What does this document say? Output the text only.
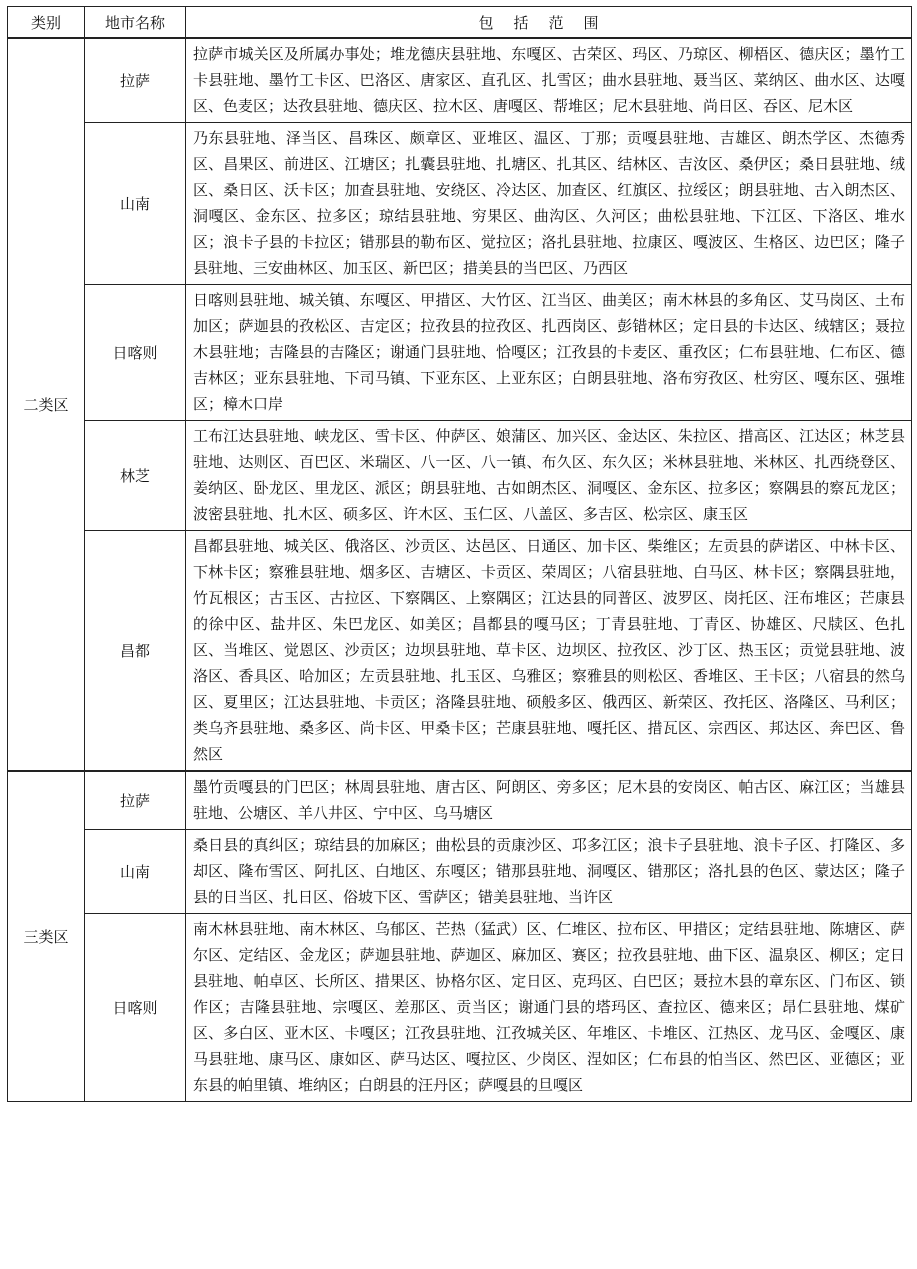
类别	地市名称	包括范围
二类区	拉萨	拉萨市城关区及所属办事处；堆龙德庆县驻地、东嘎区、古荣区、玛区、乃琼区、柳梧区、德庆区；墨竹工卡县驻地、墨竹工卡区、巴洛区、唐家区、直孔区、扎雪区；曲水县驻地、聂当区、菜纳区、曲水区、达嘎区、色麦区；达孜县驻地、德庆区、拉木区、唐嘎区、帮堆区；尼木县驻地、尚日区、吞区、尼木区
	山南	乃东县驻地、泽当区、昌珠区、颇章区、亚堆区、温区、丁那；贡嘎县驻地、吉雄区、朗杰学区、杰德秀区、昌果区、前进区、江塘区；扎囊县驻地、扎塘区、扎其区、结林区、吉汝区、桑伊区；桑日县驻地、绒区、桑日区、沃卡区；加查县驻地、安绕区、冷达区、加查区、红旗区、拉绥区；朗县驻地、古入朗杰区、洞嘎区、金东区、拉多区；琼结县驻地、穷果区、曲沟区、久河区；曲松县驻地、下江区、下洛区、堆水区；浪卡子县的卡拉区；错那县的勒布区、觉拉区；洛扎县驻地、拉康区、嘎波区、生格区、边巴区；隆子县驻地、三安曲林区、加玉区、新巴区；措美县的当巴区、乃西区
	日喀则	日喀则县驻地、城关镇、东嘎区、甲措区、大竹区、江当区、曲美区；南木林县的多角区、艾马岗区、土布加区；萨迦县的孜松区、吉定区；拉孜县的拉孜区、扎西岗区、彭错林区；定日县的卡达区、绒辖区；聂拉木县驻地；吉隆县的吉隆区；谢通门县驻地、恰嘎区；江孜县的卡麦区、重孜区；仁布县驻地、仁布区、德吉林区；亚东县驻地、下司马镇、下亚东区、上亚东区；白朗县驻地、洛布穷孜区、杜穷区、嘎东区、强堆区；樟木口岸
	林芝	工布江达县驻地、峡龙区、雪卡区、仲萨区、娘蒲区、加兴区、金达区、朱拉区、措高区、江达区；林芝县驻地、达则区、百巴区、米瑞区、八一区、八一镇、布久区、东久区；米林县驻地、米林区、扎西绕登区、姜纳区、卧龙区、里龙区、派区；朗县驻地、古如朗杰区、洞嘎区、金东区、拉多区；察隅县的察瓦龙区；波密县驻地、扎木区、硕多区、许木区、玉仁区、八盖区、多吉区、松宗区、康玉区
	昌都	昌都县驻地、城关区、俄洛区、沙贡区、达邑区、日通区、加卡区、柴维区；左贡县的萨诺区、中林卡区、下林卡区；察雅县驻地、烟多区、吉塘区、卡贡区、荣周区；八宿县驻地、白马区、林卡区；察隅县驻地，竹瓦根区；古玉区、古拉区、下察隅区、上察隅区；江达县的同普区、波罗区、岗托区、汪布堆区；芒康县的徐中区、盐井区、朱巴龙区、如美区；昌都县的嘎马区；丁青县驻地、丁青区、协雄区、尺牍区、色扎区、当堆区、觉恩区、沙贡区；边坝县驻地、草卡区、边坝区、拉孜区、沙丁区、热玉区；贡觉县驻地、波洛区、香具区、哈加区；左贡县驻地、扎玉区、乌雅区；察雅县的则松区、香堆区、王卡区；八宿县的然乌区、夏里区；江达县驻地、卡贡区；洛隆县驻地、硕般多区、俄西区、新荣区、孜托区、洛隆区、马利区；类乌齐县驻地、桑多区、尚卡区、甲桑卡区；芒康县驻地、嘎托区、措瓦区、宗西区、邦达区、奔巴区、鲁然区
三类区	拉萨	墨竹贡嘎县的门巴区；林周县驻地、唐古区、阿朗区、旁多区；尼木县的安岗区、帕古区、麻江区；当雄县驻地、公塘区、羊八井区、宁中区、乌马塘区
	山南	桑日县的真纠区；琼结县的加麻区；曲松县的贡康沙区、邛多江区；浪卡子县驻地、浪卡子区、打隆区、多却区、隆布雪区、阿扎区、白地区、东嘎区；错那县驻地、洞嘎区、错那区；洛扎县的色区、蒙达区；隆子县的日当区、扎日区、俗坡下区、雪萨区；错美县驻地、当许区
	日喀则	南木林县驻地、南木林区、乌郁区、芒热（猛武）区、仁堆区、拉布区、甲措区；定结县驻地、陈塘区、萨尔区、定结区、金龙区；萨迦县驻地、萨迦区、麻加区、赛区；拉孜县驻地、曲下区、温泉区、柳区；定日县驻地、帕卓区、长所区、措果区、协格尔区、定日区、克玛区、白巴区；聂拉木县的章东区、门布区、锁作区；吉隆县驻地、宗嘎区、差那区、贡当区；谢通门县的塔玛区、查拉区、德来区；昂仁县驻地、煤矿区、多白区、亚木区、卡嘎区；江孜县驻地、江孜城关区、年堆区、卡堆区、江热区、龙马区、金嘎区、康马县驻地、康马区、康如区、萨马达区、嘎拉区、少岗区、涅如区；仁布县的怕当区、然巴区、亚德区；亚东县的帕里镇、堆纳区；白朗县的汪丹区；萨嘎县的旦嘎区
